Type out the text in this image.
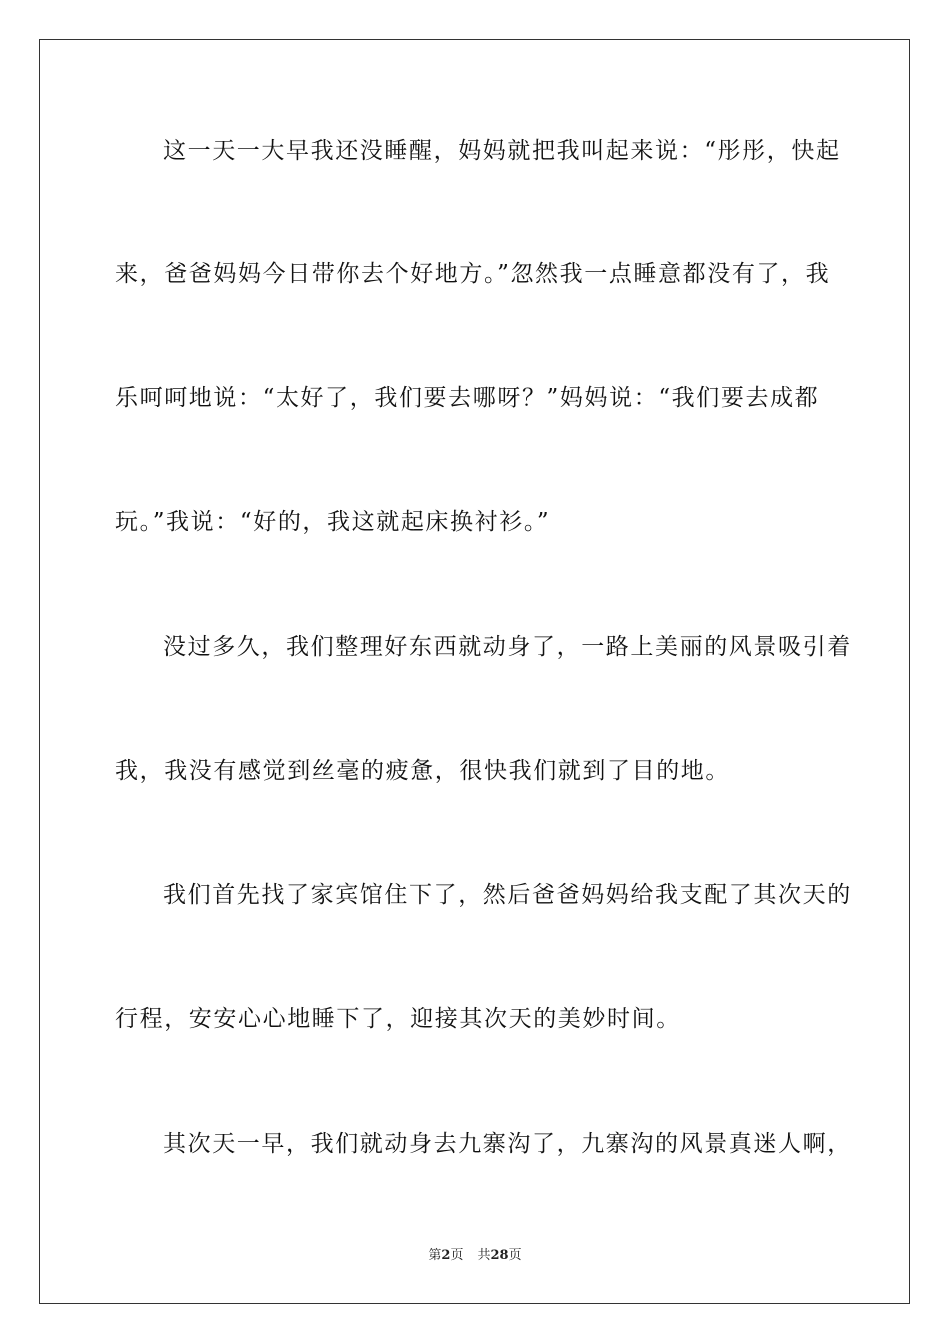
这一天一大早我还没睡醒，妈妈就把我叫起来说：“彤彤，快起
来，爸爸妈妈今日带你去个好地方。”忽然我一点睡意都没有了，我
乐呵呵地说：“太好了，我们要去哪呀？”妈妈说：“我们要去成都
玩。”我说：“好的，我这就起床换衬衫。”
没过多久，我们整理好东西就动身了，一路上美丽的风景吸引着
我，我没有感觉到丝毫的疲惫，很快我们就到了目的地。
我们首先找了家宾馆住下了，然后爸爸妈妈给我支配了其次天的
行程，安安心心地睡下了，迎接其次天的美妙时间。
其次天一早，我们就动身去九寨沟了，九寨沟的风景真迷人啊，
第2页 共28页
